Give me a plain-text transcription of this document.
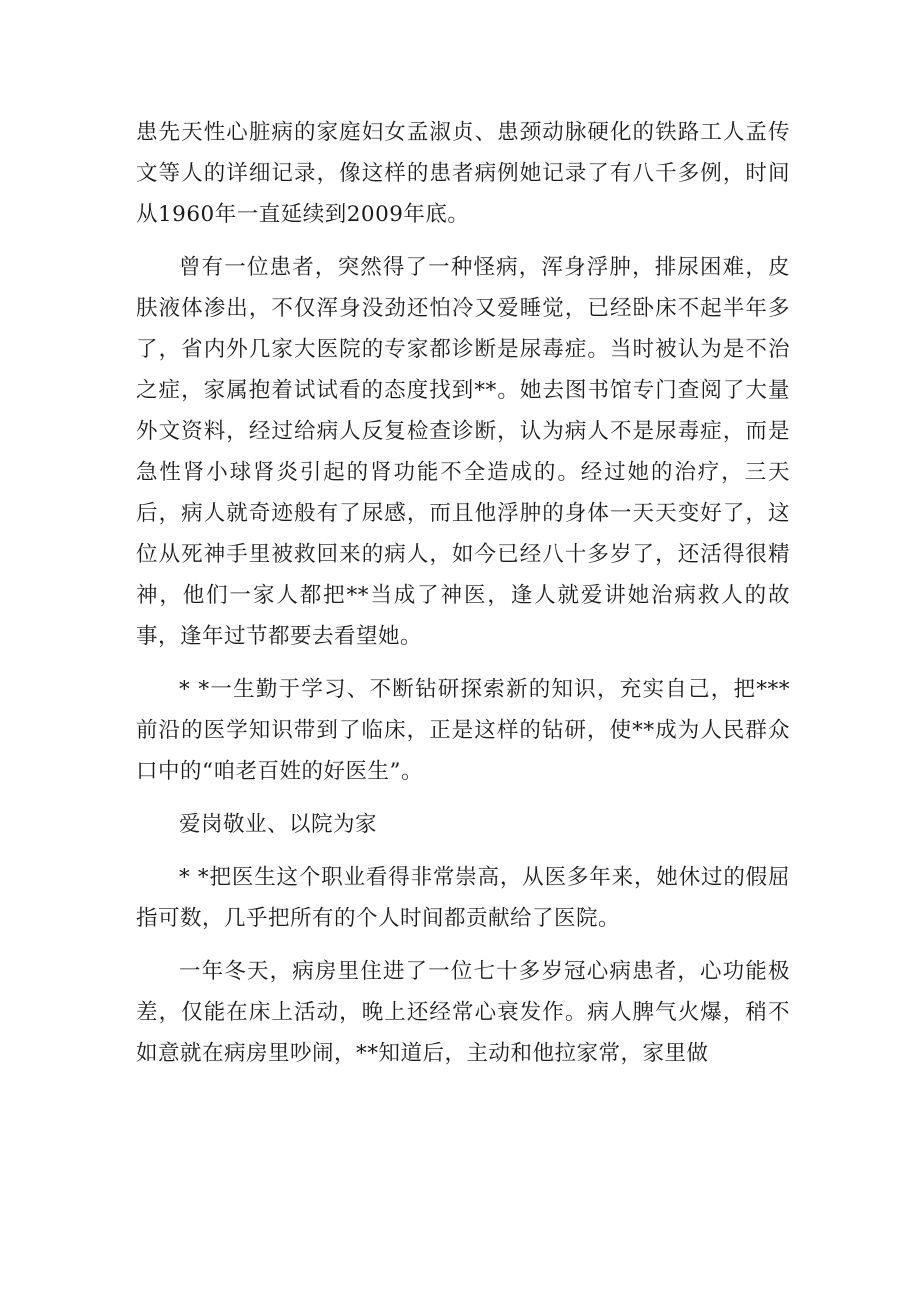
患先天性心脏病的家庭妇女孟淑贞、患颈动脉硬化的铁路工人孟传文等人的详细记录，像这样的患者病例她记录了有八千多例，时间从1960年一直延续到2009年底。

曾有一位患者，突然得了一种怪病，浑身浮肿，排尿困难，皮肤液体渗出，不仅浑身没劲还怕冷又爱睡觉，已经卧床不起半年多了，省内外几家大医院的专家都诊断是尿毒症。当时被认为是不治之症，家属抱着试试看的态度找到**。她去图书馆专门查阅了大量外文资料，经过给病人反复检查诊断，认为病人不是尿毒症，而是急性肾小球肾炎引起的肾功能不全造成的。经过她的治疗，三天后，病人就奇迹般有了尿感，而且他浮肿的身体一天天变好了，这位从死神手里被救回来的病人，如今已经八十多岁了，还活得很精神，他们一家人都把**当成了神医，逢人就爱讲她治病救人的故事，逢年过节都要去看望她。

* *一生勤于学习、不断钻研探索新的知识，充实自己，把***前沿的医学知识带到了临床，正是这样的钻研，使**成为人民群众口中的“咱老百姓的好医生”。

爱岗敬业、以院为家

* *把医生这个职业看得非常崇高，从医多年来，她休过的假屈指可数，几乎把所有的个人时间都贡献给了医院。

一年冬天，病房里住进了一位七十多岁冠心病患者，心功能极差，仅能在床上活动，晚上还经常心衰发作。病人脾气火爆，稍不如意就在病房里吵闹，**知道后，主动和他拉家常，家里做
